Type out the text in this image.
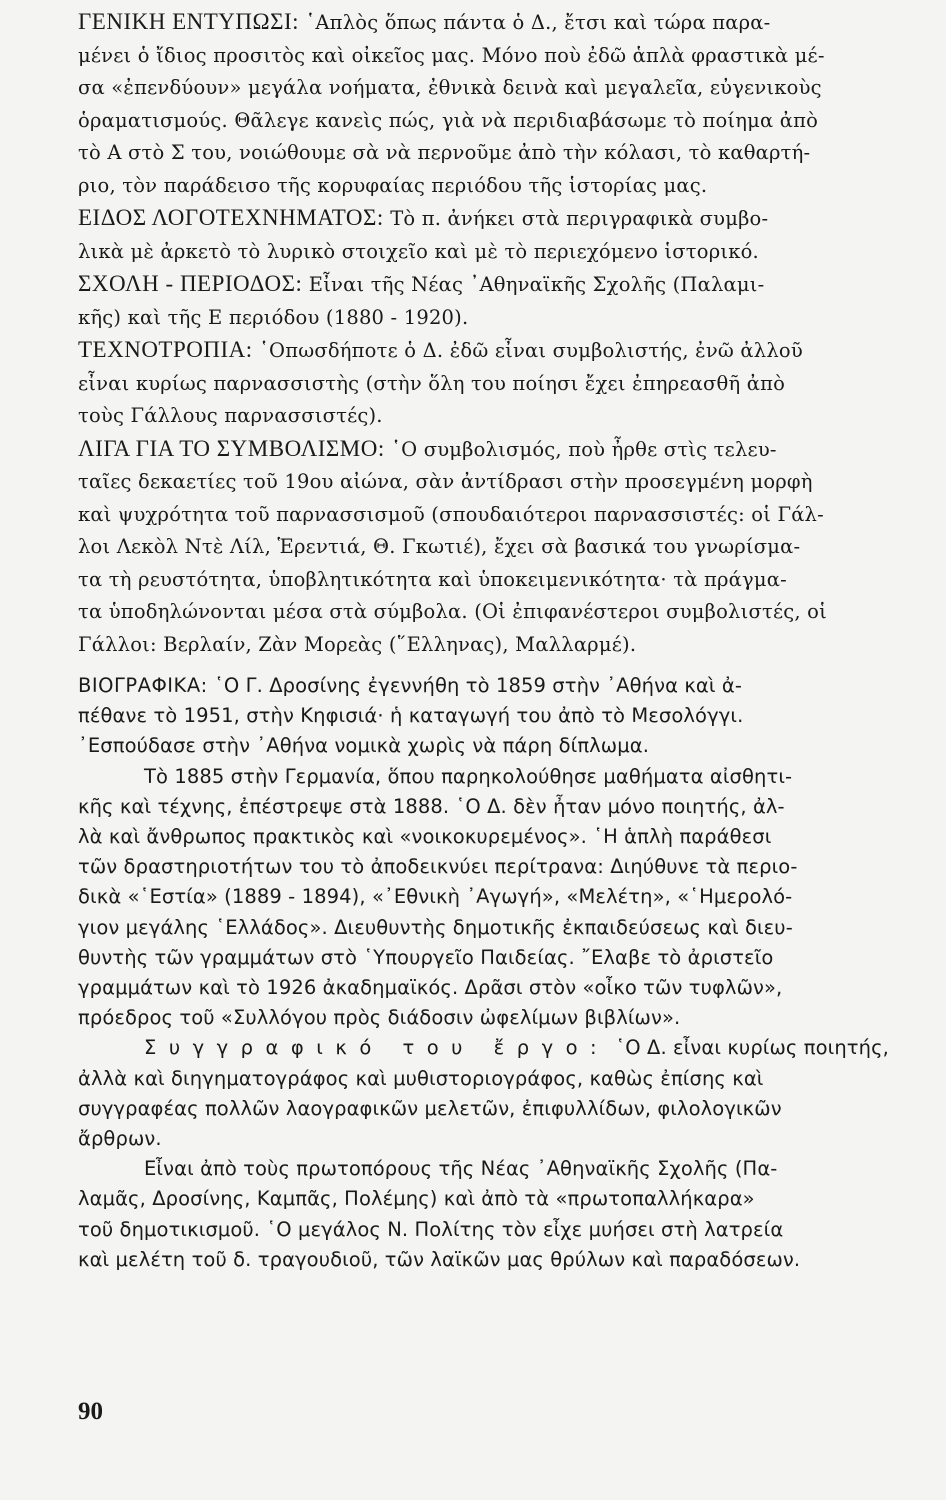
ΓΕΝΙΚΗ ΕΝΤΥΠΩΣΙ: ῾Απλὸς ὅπως πάντα ὁ Δ., ἔτσι καὶ τώρα παρα-
μένει ὁ ἴδιος προσιτὸς καὶ οἰκεῖος μας. Μόνο ποὺ ἐδῶ ἁπλὰ φραστικὰ μέ-
σα «ἐπενδύουν» μεγάλα νοήματα, ἐθνικὰ δεινὰ καὶ μεγαλεῖα, εὐγενικοὺς
ὁραματισμούς. Θᾶλεγε κανεὶς πώς, γιὰ νὰ περιδιαβάσωμε τὸ ποίημα ἀπὸ
τὸ Α στὸ Σ του, νοιώθουμε σὰ νὰ περνοῦμε ἀπὸ τὴν κόλασι, τὸ καθαρτή-
ριο, τὸν παράδεισο τῆς κορυφαίας περιόδου τῆς ἱστορίας μας.
ΕΙΔΟΣ ΛΟΓΟΤΕΧΝΗΜΑΤΟΣ: Τὸ π. ἀνήκει στὰ περιγραφικὰ συμβο-
λικὰ μὲ ἀρκετὸ τὸ λυρικὸ στοιχεῖο καὶ μὲ τὸ περιεχόμενο ἱστορικό.
ΣΧΟΛΗ - ΠΕΡΙΟΔΟΣ: Εἶναι τῆς Νέας ᾿Αθηναϊκῆς Σχολῆς (Παλαμι-
κῆς) καὶ τῆς Ε περιόδου (1880 - 1920).
ΤΕΧΝΟΤΡΟΠΙΑ: ῾Οπωσδήποτε ὁ Δ. ἐδῶ εἶναι συμβολιστής, ἐνῶ ἀλλοῦ
εἶναι κυρίως παρνασσιστὴς (στὴν ὅλη του ποίησι ἔχει ἐπηρεασθῆ ἀπὸ
τοὺς Γάλλους παρνασσιστές).
ΛΙΓΑ ΓΙΑ ΤΟ ΣΥΜΒΟΛΙΣΜΟ: ῾Ο συμβολισμός, ποὺ ἦρθε στὶς τελευ-
ταῖες δεκαετίες τοῦ 19ου αἰώνα, σὰν ἀντίδρασι στὴν προσεγμένη μορφὴ
καὶ ψυχρότητα τοῦ παρνασσισμοῦ (σπουδαιότεροι παρνασσιστές: οἱ Γάλ-
λοι Λεκὸλ Ντὲ Λίλ, Ἑρεντιά, Θ. Γκωτιέ), ἔχει σὰ βασικά του γνωρίσμα-
τα τὴ ρευστότητα, ὑποβλητικότητα καὶ ὑποκειμενικότητα· τὰ πράγμα-
τα ὑποδηλώνονται μέσα στὰ σύμβολα. (Οἱ ἐπιφανέστεροι συμβολιστές, οἱ
Γάλλοι: Βερλαίν, Ζὰν Μορεὰς (῞Ελληνας), Μαλλαρμέ).
ΒΙΟΓΡΑΦΙΚΑ: ῾Ο Γ. Δροσίνης ἐγεννήθη τὸ 1859 στὴν ᾿Αθήνα καὶ ἀ-
πέθανε τὸ 1951, στὴν Κηφισιά· ἡ καταγωγή του ἀπὸ τὸ Μεσολόγγι.
᾿Εσπούδασε στὴν ᾿Αθήνα νομικὰ χωρὶς νὰ πάρη δίπλωμα.
Τὸ 1885 στὴν Γερμανία, ὅπου παρηκολούθησε μαθήματα αἰσθητι-
κῆς καὶ τέχνης, ἐπέστρεψε στὰ 1888. ῾Ο Δ. δὲν ἦταν μόνο ποιητής, ἀλ-
λὰ καὶ ἄνθρωπος πρακτικὸς καὶ «νοικοκυρεμένος». ῾Η ἁπλὴ παράθεσι
τῶν δραστηριοτήτων του τὸ ἀποδεικνύει περίτρανα: Διηύθυνε τὰ περιο-
δικὰ «῾Εστία» (1889 - 1894), «᾿Εθνικὴ ᾿Αγωγή», «Μελέτη», «῾Ημερολό-
γιον μεγάλης ῾Ελλάδος». Διευθυντὴς δημοτικῆς ἐκπαιδεύσεως καὶ διευ-
θυντὴς τῶν γραμμάτων στὸ ῾Υπουργεῖο Παιδείας. ῎Ελαβε τὸ ἀριστεῖο
γραμμάτων καὶ τὸ 1926 ἀκαδημαϊκός. Δρᾶσι στὸν «οἶκο τῶν τυφλῶν»,
πρόεδρος τοῦ «Συλλόγου πρὸς διάδοσιν ὠφελίμων βιβλίων».
Συγγραφικό του ἔργο: ῾Ο Δ. εἶναι κυρίως ποιητής,
ἀλλὰ καὶ διηγηματογράφος καὶ μυθιστοριογράφος, καθὼς ἐπίσης καὶ
συγγραφέας πολλῶν λαογραφικῶν μελετῶν, ἐπιφυλλίδων, φιλολογικῶν
ἄρθρων.
Εἶναι ἀπὸ τοὺς πρωτοπόρους τῆς Νέας ᾿Αθηναϊκῆς Σχολῆς (Πα-
λαμᾶς, Δροσίνης, Καμπᾶς, Πολέμης) καὶ ἀπὸ τὰ «πρωτοπαλλήκαρα»
τοῦ δημοτικισμοῦ. ῾Ο μεγάλος Ν. Πολίτης τὸν εἶχε μυήσει στὴ λατρεία
καὶ μελέτη τοῦ δ. τραγουδιοῦ, τῶν λαϊκῶν μας θρύλων καὶ παραδόσεων.
90
